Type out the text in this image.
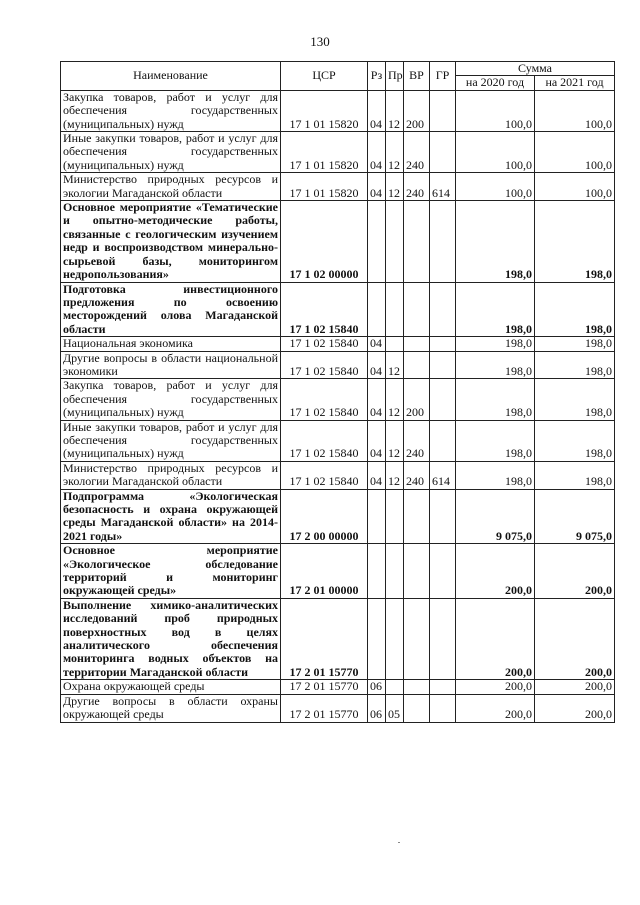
130
Наименование	ЦСР	Рз	Пр	ВР	ГР	Сумма	
						на 2020 год	на 2021 год
Закупка товаров, работ и услуг для обеспечения государственных (муниципальных) нужд	17 1 01 15820	04	12	200		100,0	100,0
Иные закупки товаров, работ и услуг для обеспечения государственных (муниципальных) нужд	17 1 01 15820	04	12	240		100,0	100,0
Министерство природных ресурсов и экологии Магаданской области	17 1 01 15820	04	12	240	614	100,0	100,0
Основное мероприятие «Тематические и опытно-методические работы, связанные с геологическим изучением недр и воспроизводством минерально-сырьевой базы, мониторингом недропользования»	17 1 02 00000					198,0	198,0
Подготовка инвестиционного предложения по освоению месторождений олова Магаданской области	17 1 02 15840					198,0	198,0
Национальная экономика	17 1 02 15840	04				198,0	198,0
Другие вопросы в области национальной экономики	17 1 02 15840	04	12			198,0	198,0
Закупка товаров, работ и услуг для обеспечения государственных (муниципальных) нужд	17 1 02 15840	04	12	200		198,0	198,0
Иные закупки товаров, работ и услуг для обеспечения государственных (муниципальных) нужд	17 1 02 15840	04	12	240		198,0	198,0
Министерство природных ресурсов и экологии Магаданской области	17 1 02 15840	04	12	240	614	198,0	198,0
Подпрограмма «Экологическая безопасность и охрана окружающей среды Магаданской области» на 2014-2021 годы»	17 2 00 00000					9 075,0	9 075,0
Основное мероприятие «Экологическое обследование территорий и мониторинг окружающей среды»	17 2 01 00000					200,0	200,0
Выполнение химико-аналитических исследований проб природных поверхностных вод в целях аналитического обеспечения мониторинга водных объектов на территории Магаданской области	17 2 01 15770					200,0	200,0
Охрана окружающей среды	17 2 01 15770	06				200,0	200,0
Другие вопросы в области охраны окружающей среды	17 2 01 15770	06	05			200,0	200,0
